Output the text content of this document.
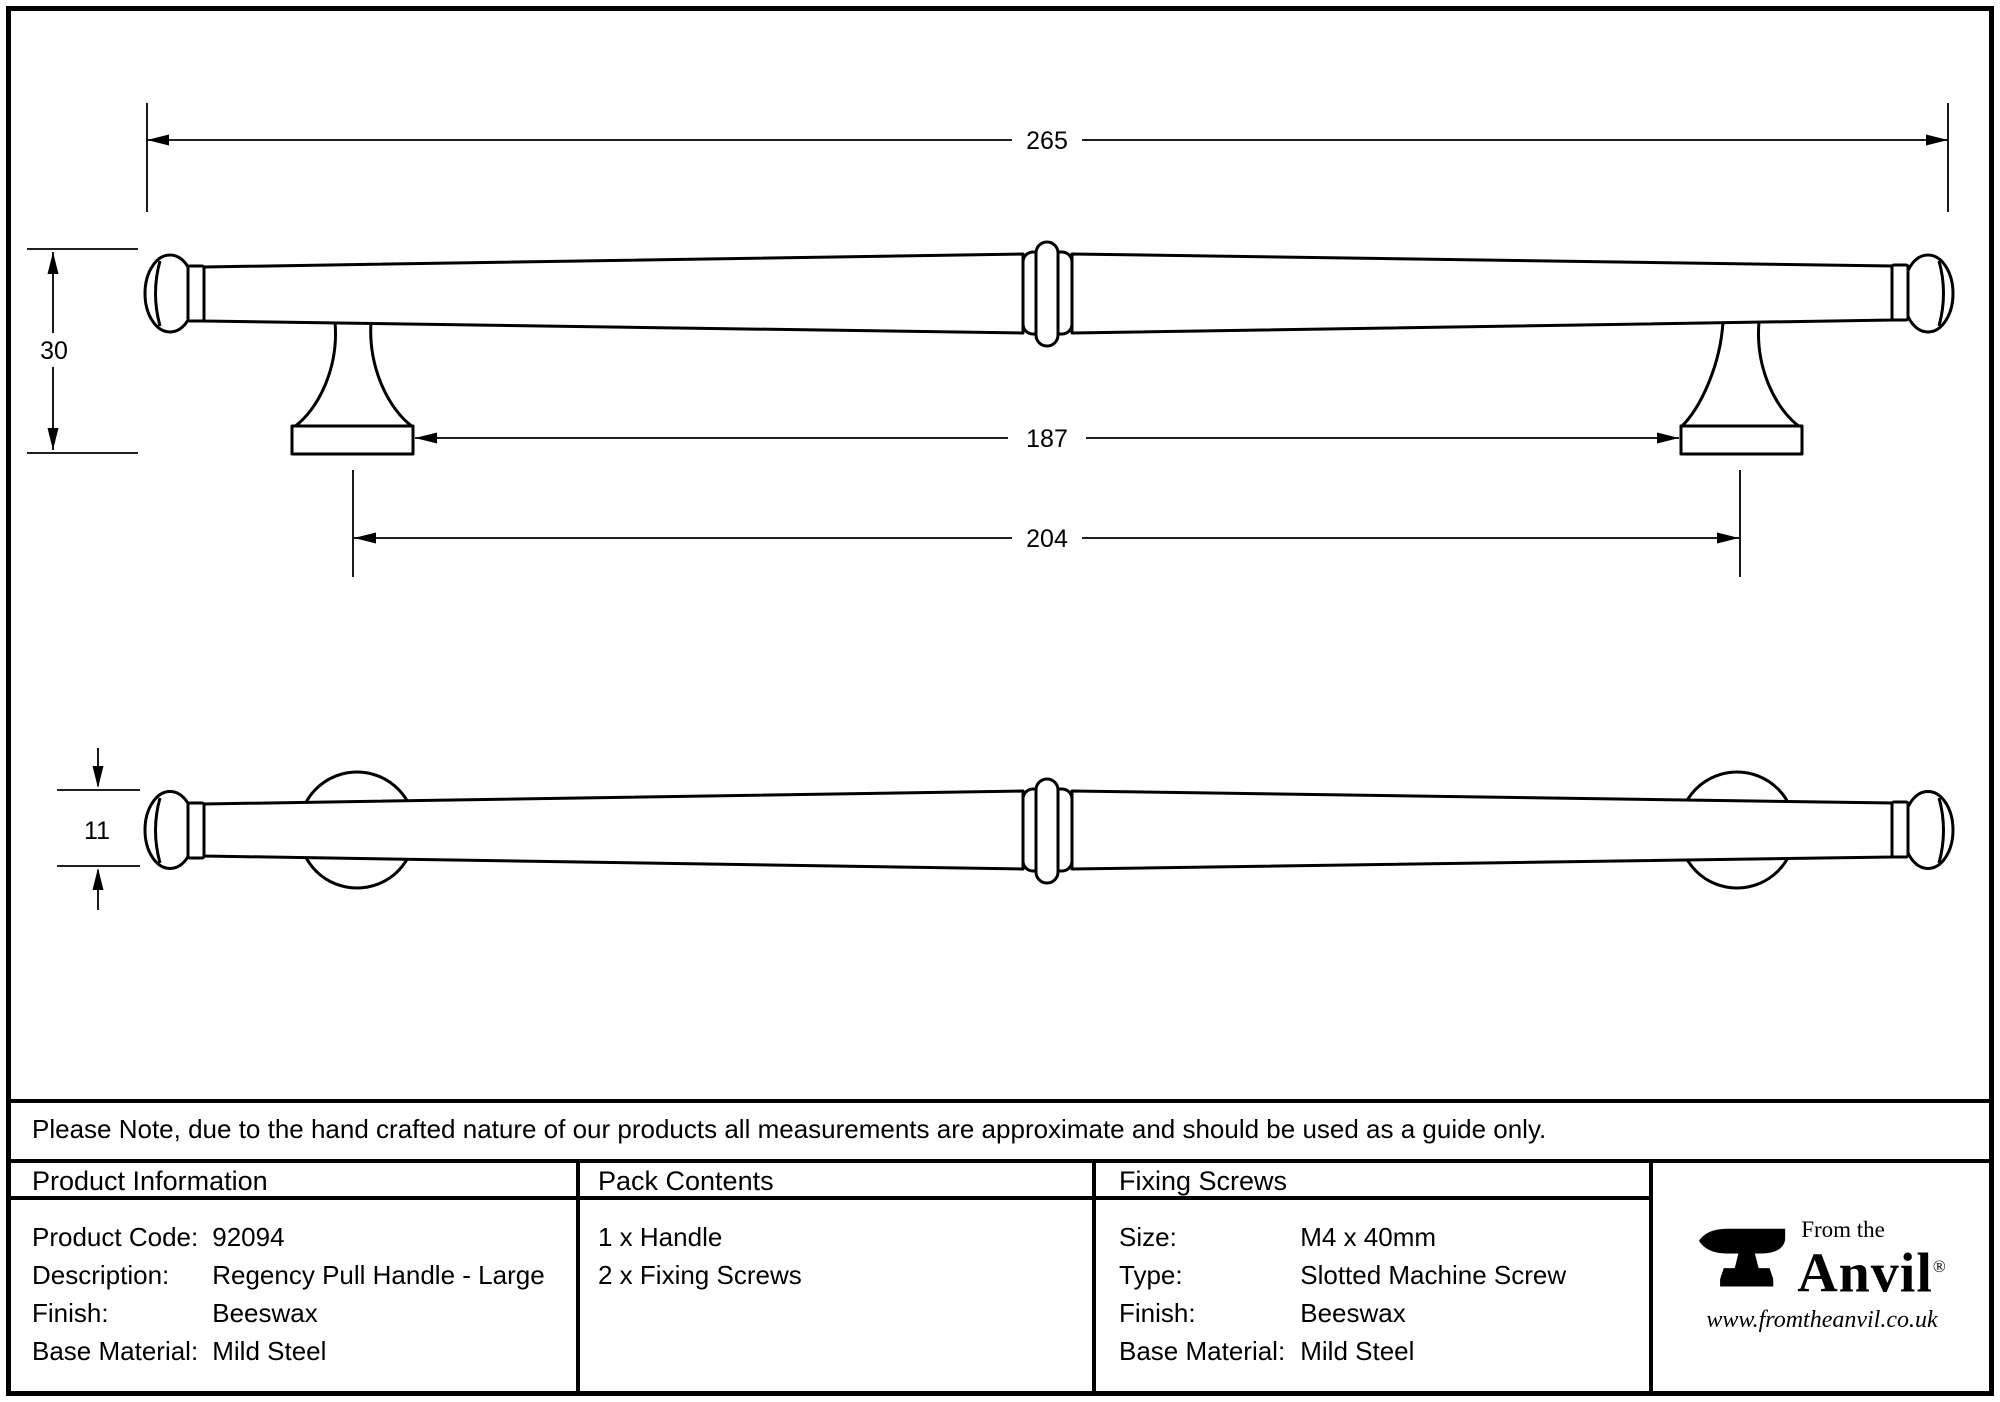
265
30
187
204
11
Please Note, due to the hand crafted nature of our products all measurements are approximate and should be used as a guide only.
Product Information	Pack Contents	Fixing Screws
Product Code: 92094
Description: Regency Pull Handle - Large
Finish:	Beeswax
Base Material: Mild Steel
1 x Handle
2 x Fixing Screws
Size:	M4 x 40mm
Type:	Slotted Machine Screw
Finish:	Beeswax
Base Material: Mild Steel
From the
Anvil®
www.fromtheanvil.co.uk
